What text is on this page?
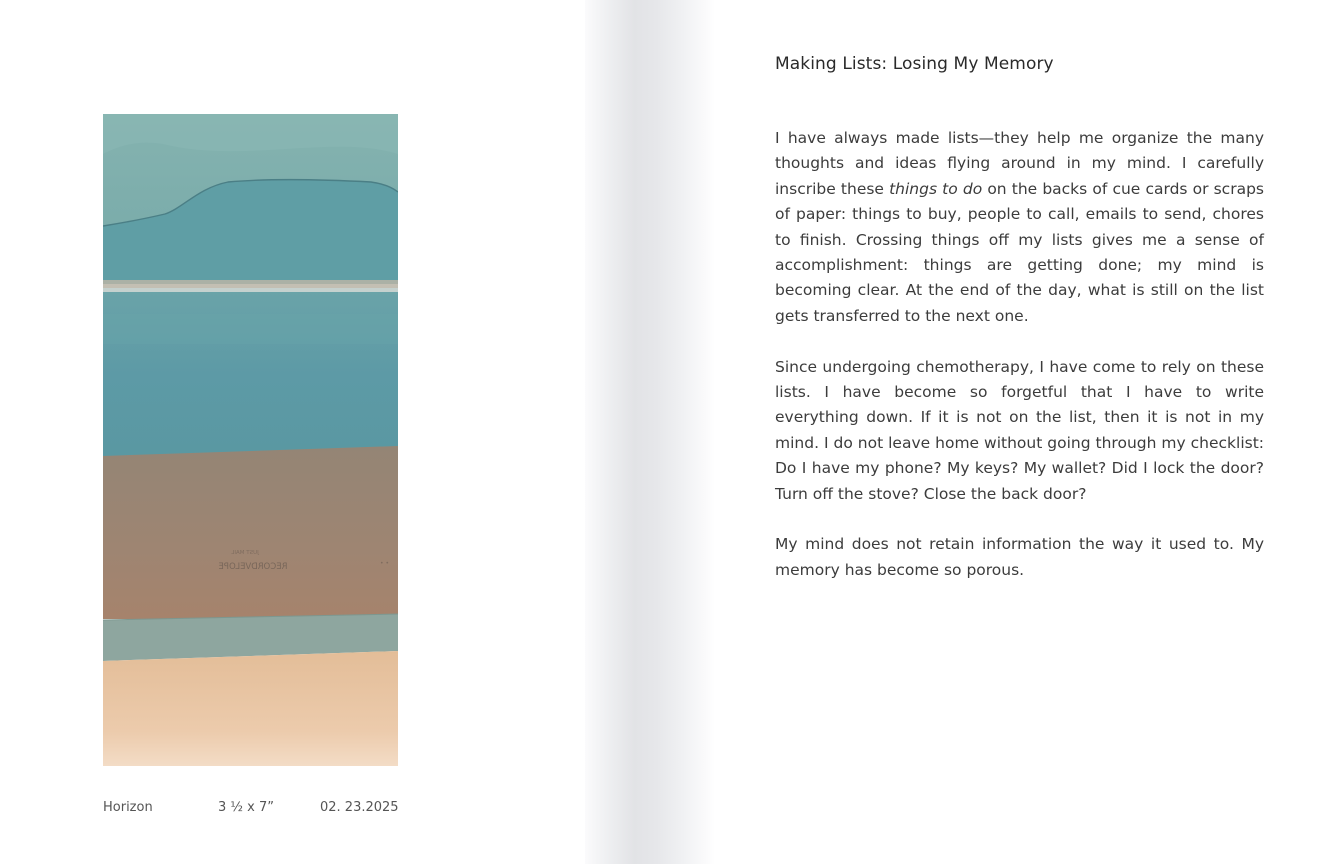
RECORDVELOPE
JUST MAIL
• •
Horizon	3 ½ x 7”	02. 23.2025
Making Lists: Losing My Memory

I have always made lists—they help me organize the many thoughts and ideas flying around in my mind. I carefully inscribe these things to do on the backs of cue cards or scraps of paper: things to buy, people to call, emails to send, chores to finish. Crossing things off my lists gives me a sense of accomplishment: things are getting done; my mind is becoming clear. At the end of the day, what is still on the list gets transferred to the next one.

Since undergoing chemotherapy, I have come to rely on these lists. I have become so forgetful that I have to write everything down. If it is not on the list, then it is not in my mind. I do not leave home without going through my checklist: Do I have my phone? My keys? My wallet? Did I lock the door? Turn off the stove? Close the back door?

My mind does not retain information the way it used to. My memory has become so porous.
